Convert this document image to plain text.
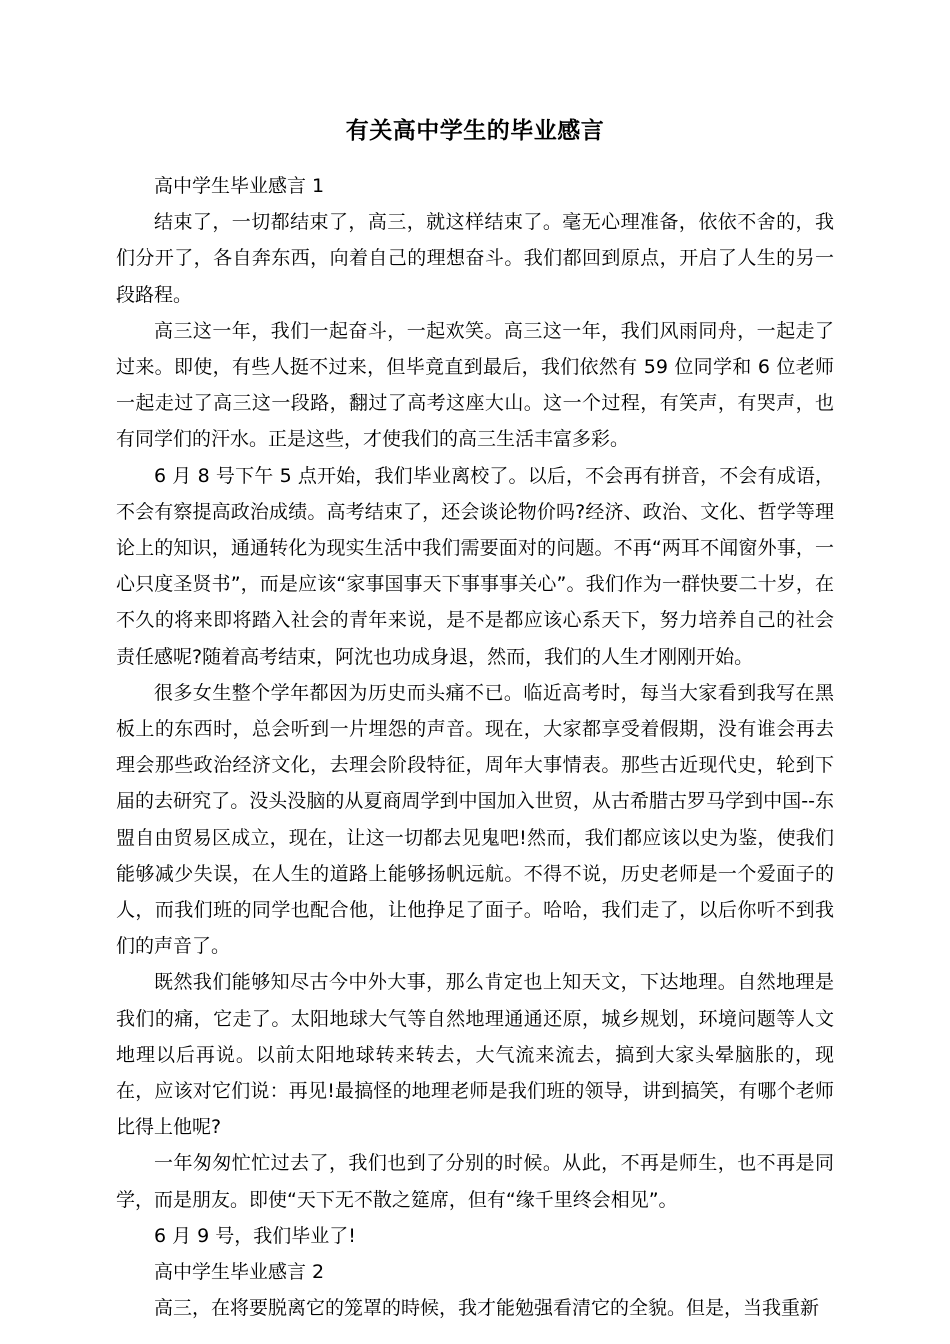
有关高中学生的毕业感言

高中学生毕业感言 1

结束了，一切都结束了，高三，就这样结束了。毫无心理准备，依依不舍的，我们分开了，各自奔东西，向着自己的理想奋斗。我们都回到原点，开启了人生的另一段路程。

高三这一年，我们一起奋斗，一起欢笑。高三这一年，我们风雨同舟，一起走了过来。即使，有些人挺不过来，但毕竟直到最后，我们依然有 59 位同学和 6 位老师一起走过了高三这一段路，翻过了高考这座大山。这一个过程，有笑声，有哭声，也有同学们的汗水。正是这些，才使我们的高三生活丰富多彩。

6 月 8 号下午 5 点开始，我们毕业离校了。以后，不会再有拼音，不会有成语，不会有察提高政治成绩。高考结束了，还会谈论物价吗?经济、政治、文化、哲学等理论上的知识，通通转化为现实生活中我们需要面对的问题。不再“两耳不闻窗外事，一心只度圣贤书”，而是应该“家事国事天下事事事关心”。我们作为一群快要二十岁，在不久的将来即将踏入社会的青年来说，是不是都应该心系天下，努力培养自己的社会责任感呢?随着高考结束，阿沈也功成身退，然而，我们的人生才刚刚开始。

很多女生整个学年都因为历史而头痛不已。临近高考时，每当大家看到我写在黑板上的东西时，总会听到一片埋怨的声音。现在，大家都享受着假期，没有谁会再去理会那些政治经济文化，去理会阶段特征，周年大事情表。那些古近现代史，轮到下届的去研究了。没头没脑的从夏商周学到中国加入世贸，从古希腊古罗马学到中国--东盟自由贸易区成立，现在，让这一切都去见鬼吧!然而，我们都应该以史为鉴，使我们能够减少失误，在人生的道路上能够扬帆远航。不得不说，历史老师是一个爱面子的人，而我们班的同学也配合他，让他挣足了面子。哈哈，我们走了，以后你听不到我们的声音了。

既然我们能够知尽古今中外大事，那么肯定也上知天文，下达地理。自然地理是我们的痛，它走了。太阳地球大气等自然地理通通还原，城乡规划，环境问题等人文地理以后再说。以前太阳地球转来转去，大气流来流去，搞到大家头晕脑胀的，现在，应该对它们说：再见!最搞怪的地理老师是我们班的领导，讲到搞笑，有哪个老师比得上他呢?

一年匆匆忙忙过去了，我们也到了分别的时候。从此，不再是师生，也不再是同学，而是朋友。即使“天下无不散之筵席，但有“缘千里终会相见”。

6 月 9 号，我们毕业了!

高中学生毕业感言 2

高三，在将要脱离它的笼罩的時候，我才能勉强看清它的全貌。但是，当我重新
